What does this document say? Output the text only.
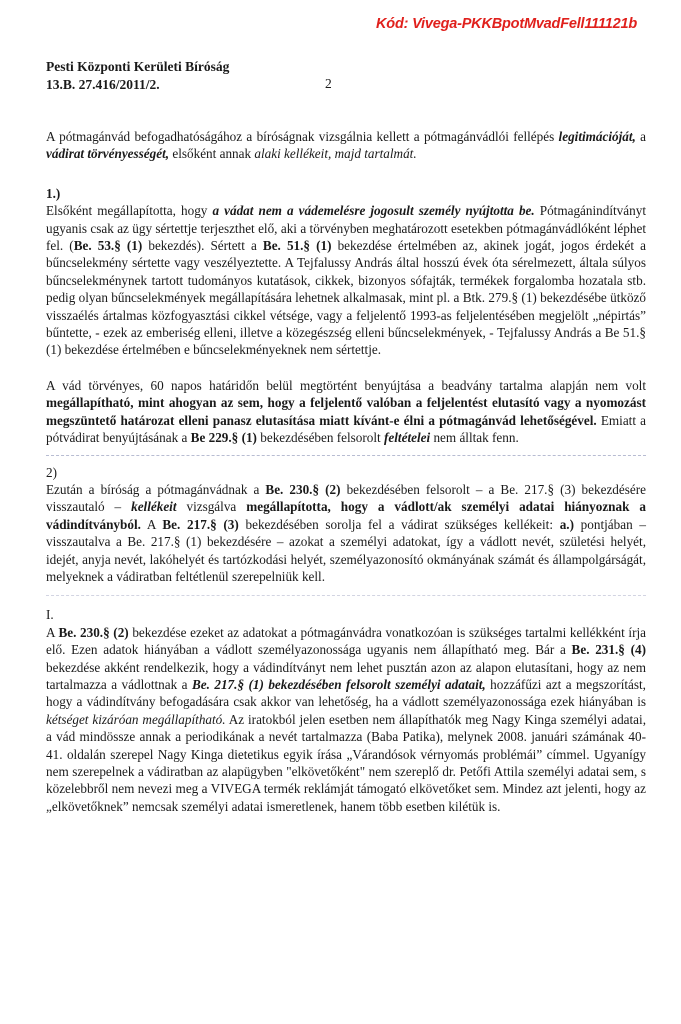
Kód: Vivega-PKKBpotMvadFell111121b
Pesti Központi Kerületi Bíróság
13.B. 27.416/2011/2.	2

A pótmagánvád befogadhatóságához a bíróságnak vizsgálnia kellett a pótmagánvádlói fellépés legitimációját, a vádirat törvényességét, elsőként annak alaki kellékeit, majd tartalmát.

1.)

Elsőként megállapította, hogy a vádat nem a vádemelésre jogosult személy nyújtotta be. Pótmagánindítványt ugyanis csak az ügy sértettje terjeszthet elő, aki a törvényben meghatározott esetekben pótmagánvádlóként léphet fel. (Be. 53.§ (1) bekezdés). Sértett a Be. 51.§ (1) bekezdése értelmében az, akinek jogát, jogos érdekét a bűncselekmény sértette vagy veszélyeztette. A Tejfalussy András által hosszú évek óta sérelmezett, általa súlyos bűncselekménynek tartott tudományos kutatások, cikkek, bizonyos sófajták, termékek forgalomba hozatala stb. pedig olyan bűncselekmények megállapítására lehetnek alkalmasak, mint pl. a Btk. 279.§ (1) bekezdésébe ütköző visszaélés ártalmas közfogyasztási cikkel vétsége, vagy a feljelentő 1993-as feljelentésében megjelölt „népirtás” bűntette, - ezek az emberiség elleni, illetve a közegészség elleni bűncselekmények, - Tejfalussy András a Be 51.§ (1) bekezdése értelmében e bűncselekményeknek nem sértettje.

A vád törvényes, 60 napos határidőn belül megtörtént benyújtása a beadvány tartalma alapján nem volt megállapítható, mint ahogyan az sem, hogy a feljelentő valóban a feljelentést elutasító vagy a nyomozást megszüntető határozat elleni panasz elutasítása miatt kívánt-e élni a pótmagánvád lehetőségével. Emiatt a pótvádirat benyújtásának a Be 229.§ (1) bekezdésében felsorolt feltételei nem álltak fenn.

2)

Ezután a bíróság a pótmagánvádnak a Be. 230.§ (2) bekezdésében felsorolt – a Be. 217.§ (3) bekezdésére visszautaló – kellékeit vizsgálva megállapította, hogy a vádlott/ak személyi adatai hiányoznak a vádindítványból. A Be. 217.§ (3) bekezdésében sorolja fel a vádirat szükséges kellékeit: a.) pontjában – visszautalva a Be. 217.§ (1) bekezdésére – azokat a személyi adatokat, így a vádlott nevét, születési helyét, idejét, anyja nevét, lakóhelyét és tartózkodási helyét, személyazonosító okmányának számát és állampolgárságát, melyeknek a vádiratban feltétlenül szerepelniük kell.

I.

A Be. 230.§ (2) bekezdése ezeket az adatokat a pótmagánvádra vonatkozóan is szükséges tartalmi kellékként írja elő. Ezen adatok hiányában a vádlott személyazonossága ugyanis nem állapítható meg. Bár a Be. 231.§ (4) bekezdése akként rendelkezik, hogy a vádindítványt nem lehet pusztán azon az alapon elutasítani, hogy az nem tartalmazza a vádlottnak a Be. 217.§ (1) bekezdésében felsorolt személyi adatait, hozzáfűzi azt a megszorítást, hogy a vádindítvány befogadására csak akkor van lehetőség, ha a vádlott személyazonossága ezek hiányában is kétséget kizáróan megállapítható. Az iratokból jelen esetben nem állapíthatók meg Nagy Kinga személyi adatai, a vád mindössze annak a periodikának a nevét tartalmazza (Baba Patika), melynek 2008. januári számának 40-41. oldalán szerepel Nagy Kinga dietetikus egyik írása „Várandósok vérnyomás problémái” címmel. Ugyanígy nem szerepelnek a vádiratban az alapügyben "elkövetőként" nem szereplő dr. Petőfi Attila személyi adatai sem, s közelebbről nem nevezi meg a VIVEGA termék reklámját támogató elkövetőket sem. Mindez azt jelenti, hogy az „elkövetőknek” nemcsak személyi adatai ismeretlenek, hanem több esetben kilétük is.
